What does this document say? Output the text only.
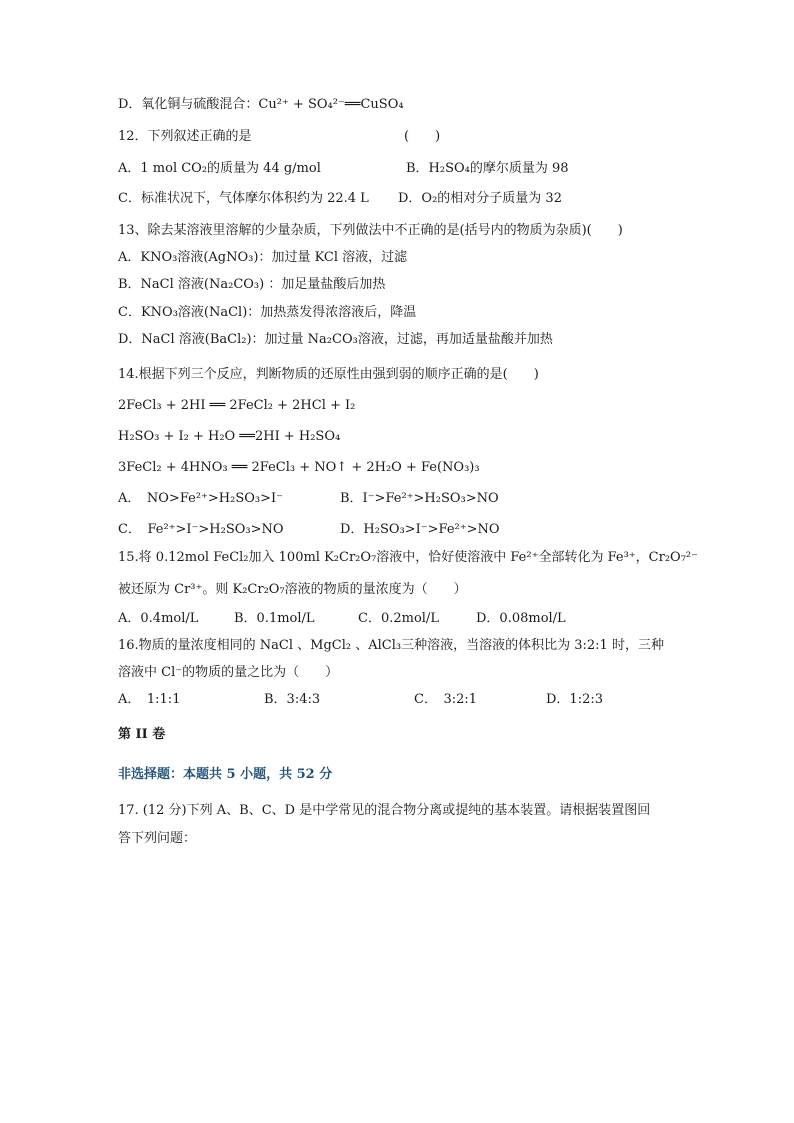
D．氧化铜与硫酸混合：Cu²⁺ + SO₄²⁻══CuSO₄
12．下列叙述正确的是	(　　)
A．1 mol CO₂的质量为 44 g/mol	B．H₂SO₄的摩尔质量为 98
C．标准状况下，气体摩尔体积约为 22.4 L D．O₂的相对分子质量为 32
13、除去某溶液里溶解的少量杂质，下列做法中不正确的是(括号内的物质为杂质)(　　)
A．KNO₃溶液(AgNO₃)：加过量 KCl 溶液，过滤
B．NaCl 溶液(Na₂CO₃) ：加足量盐酸后加热
C．KNO₃溶液(NaCl)：加热蒸发得浓溶液后，降温
D．NaCl 溶液(BaCl₂)：加过量 Na₂CO₃溶液，过滤，再加适量盐酸并加热
14.根据下列三个反应，判断物质的还原性由强到弱的顺序正确的是(　　)
2FeCl₃ + 2HI ══ 2FeCl₂ + 2HCl + I₂
H₂SO₃ + I₂ + H₂O ══2HI + H₂SO₄
3FeCl₂ + 4HNO₃ ══ 2FeCl₃ + NO↑ + 2H₂O + Fe(NO₃)₃
A．　NO>Fe²⁺>H₂SO₃>I⁻	B．I⁻>Fe²⁺>H₂SO₃>NO
C．　Fe²⁺>I⁻>H₂SO₃>NO	D．H₂SO₃>I⁻>Fe²⁺>NO
15.将 0.12mol FeCl₂加入 100ml K₂Cr₂O₇溶液中，恰好使溶液中 Fe²⁺全部转化为 Fe³⁺，Cr₂O₇²⁻
被还原为 Cr³⁺。则 K₂Cr₂O₇溶液的物质的量浓度为（　　）
A．0.4mol/L	B．0.1mol/L	C．0.2mol/L	D．0.08mol/L
16.物质的量浓度相同的 NaCl 、MgCl₂ 、AlCl₃三种溶液，当溶液的体积比为 3:2:1 时，三种
溶液中 Cl⁻的物质的量之比为（　　）
A．　1:1:1	B．3:4:3	C．　3:2:1	D．1:2:3
第 II 卷
非选择题：本题共 5 小题，共 52 分
17. (12 分)下列 A、B、C、D 是中学常见的混合物分离或提纯的基本装置。请根据装置图回
答下列问题：
